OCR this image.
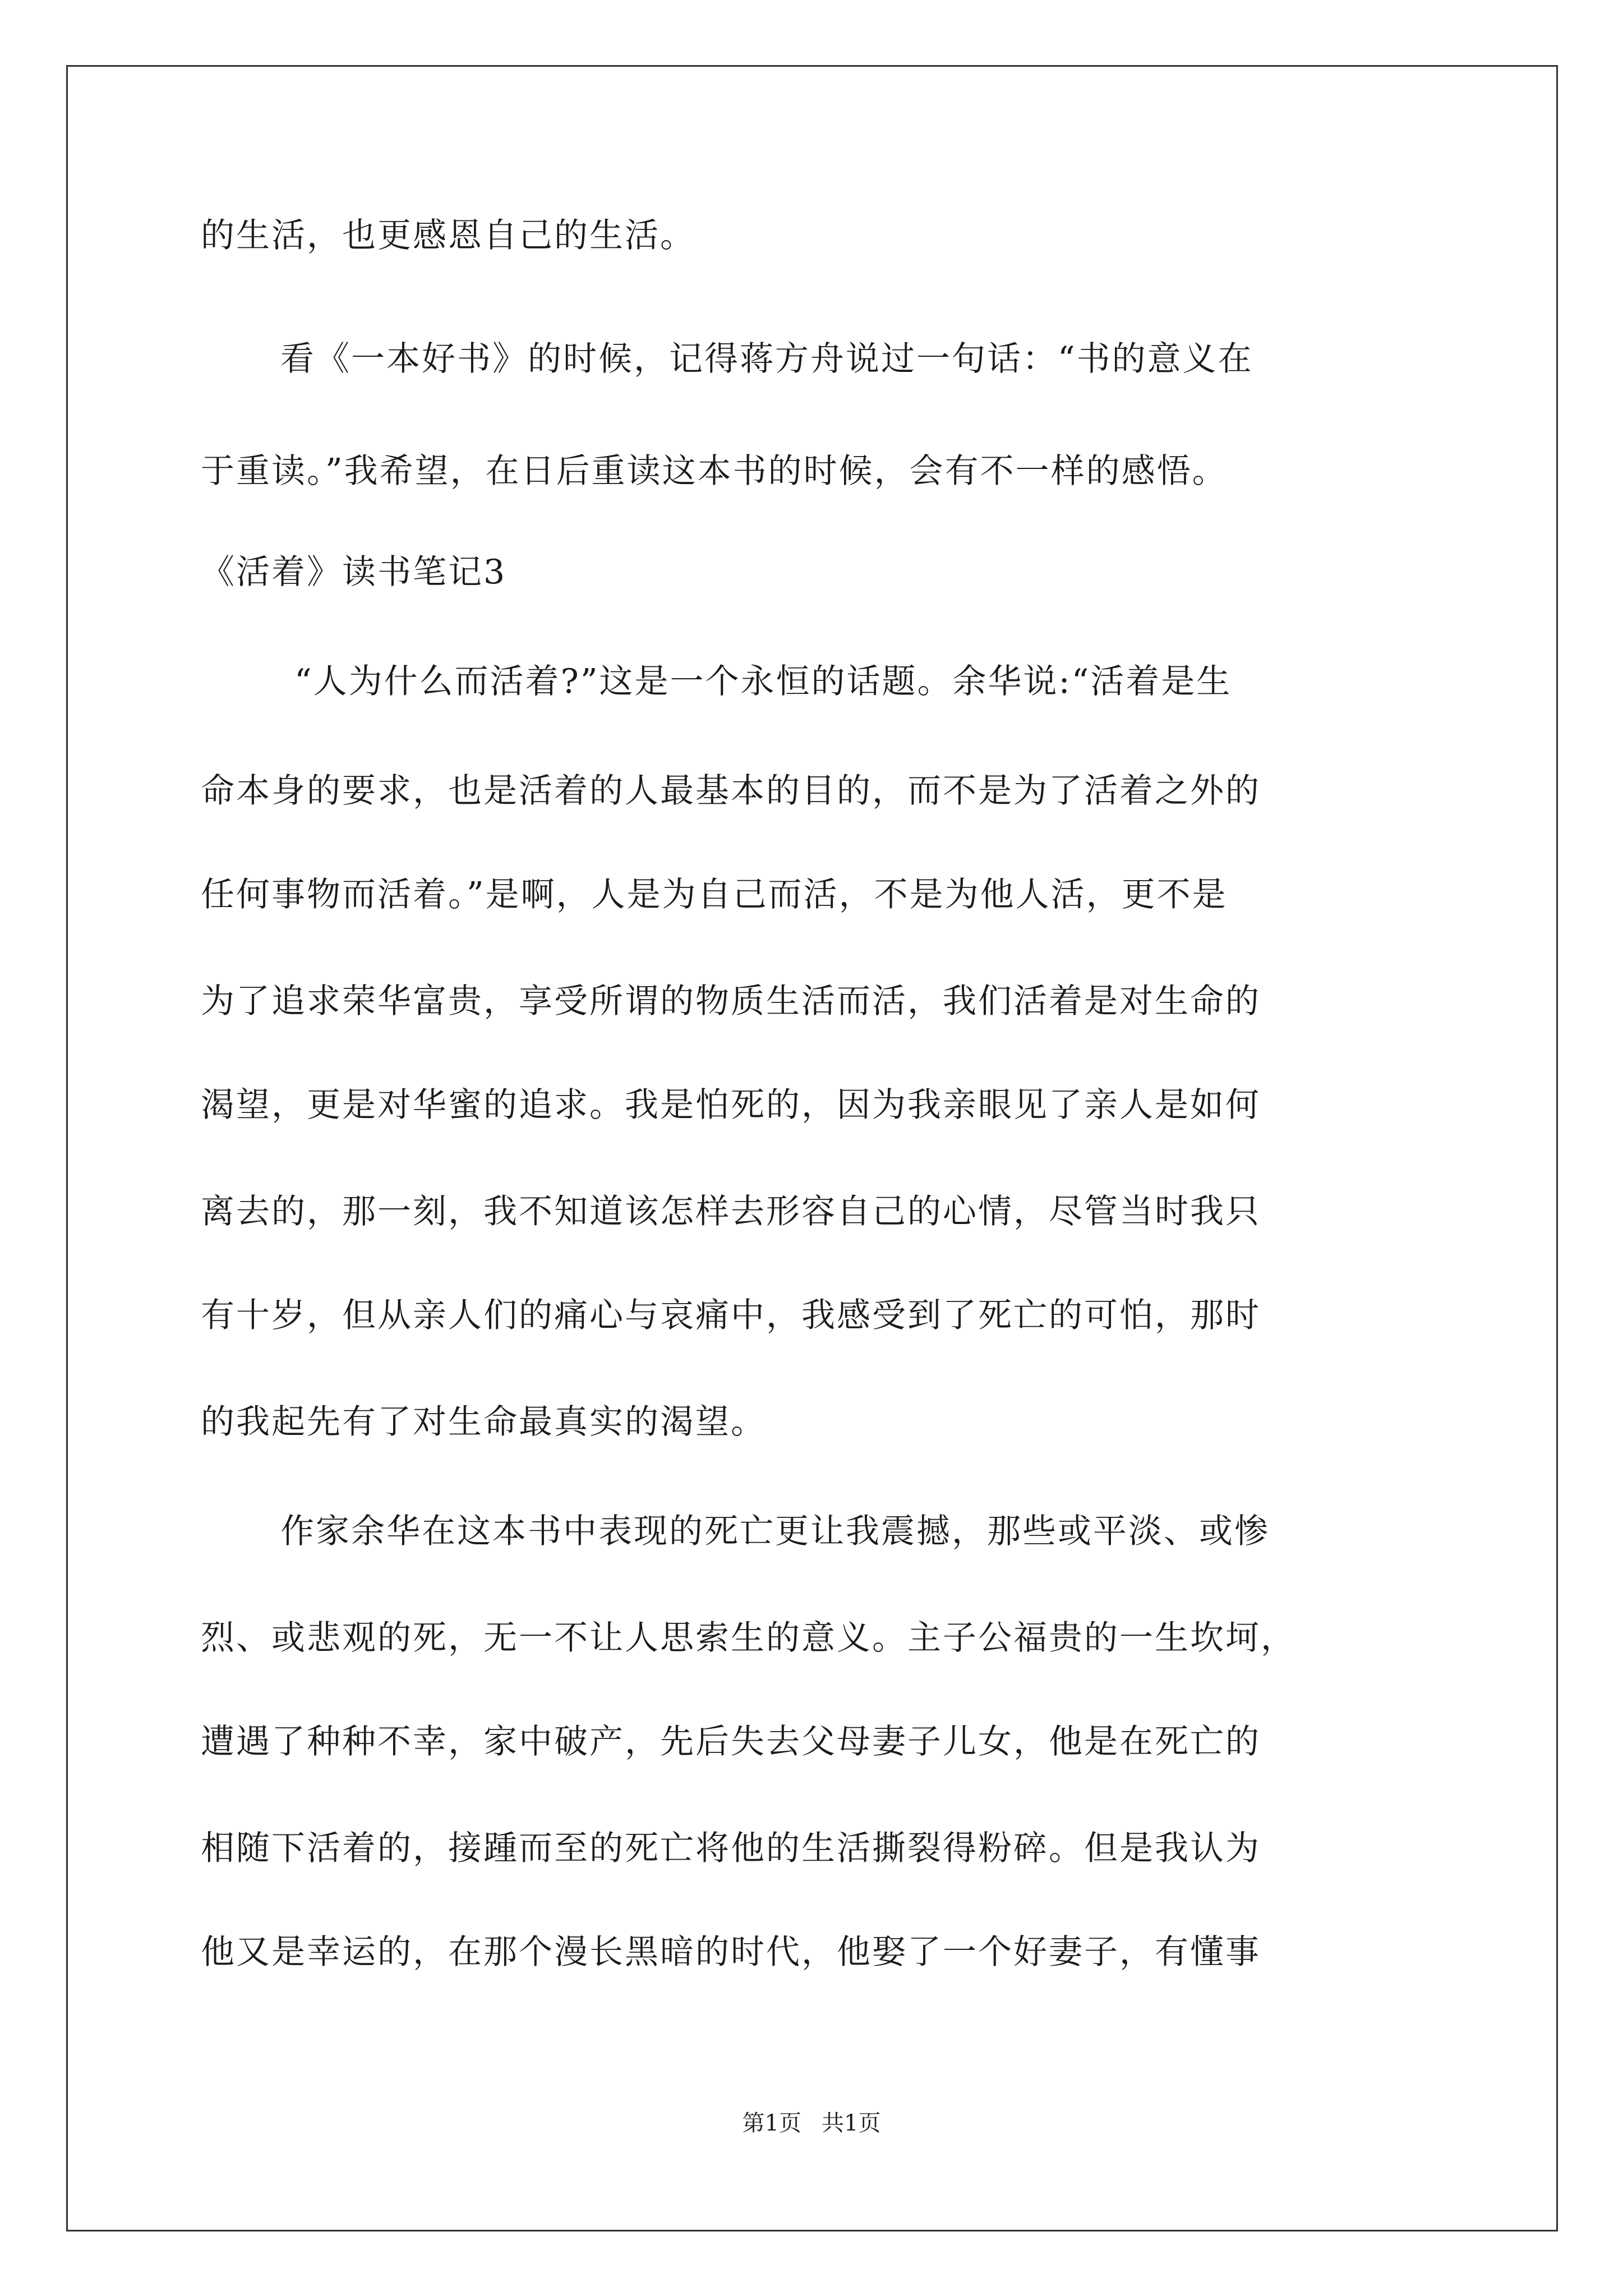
的生活，也更感恩自己的生活。
看《一本好书》的时候，记得蒋方舟说过一句话：“书的意义在
于重读。”我希望，在日后重读这本书的时候，会有不一样的感悟。
《活着》读书笔记3
“人为什么而活着?”这是一个永恒的话题。余华说:“活着是生
命本身的要求，也是活着的人最基本的目的，而不是为了活着之外的
任何事物而活着。”是啊，人是为自己而活，不是为他人活，更不是
为了追求荣华富贵，享受所谓的物质生活而活，我们活着是对生命的
渴望，更是对华蜜的追求。我是怕死的，因为我亲眼见了亲人是如何
离去的，那一刻，我不知道该怎样去形容自己的心情，尽管当时我只
有十岁，但从亲人们的痛心与哀痛中，我感受到了死亡的可怕，那时
的我起先有了对生命最真实的渴望。
作家余华在这本书中表现的死亡更让我震撼，那些或平淡、或惨
烈、或悲观的死，无一不让人思索生的意义。主子公福贵的一生坎坷，
遭遇了种种不幸，家中破产，先后失去父母妻子儿女，他是在死亡的
相随下活着的，接踵而至的死亡将他的生活撕裂得粉碎。但是我认为
他又是幸运的，在那个漫长黑暗的时代，他娶了一个好妻子，有懂事
第1页 共1页
